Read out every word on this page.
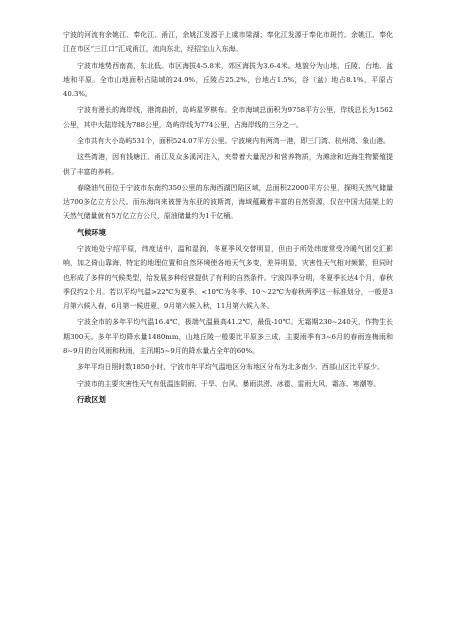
宁波的河流有余姚江、奉化江、甬江，余姚江发源于上虞市梁湖；奉化江发源于奉化市斑竹。余姚江、奉化江在市区“三江口”汇成甬江，流向东北，经招宝山入东海。

宁波市地势西南高，东北低。市区海拔4-5.8米，郊区海拔为3.6-4米。地貌分为山地、丘陵、台地、盆地和平原。全市山地面积占陆域的24.9%，丘陵占25.2%，台地占1.5%，谷（盆）地占8.1%，平原占40.3%。

宁波有漫长的海岸线，港湾曲折，岛屿星罗棋布。全市海域总面积为9758平方公里，岸线总长为1562公里，其中大陆岸线为788公里，岛屿岸线为774公里，占海岸线的三分之一。

全市共有大小岛屿531个，面积524.07平方公里。宁波境内有两湾一港，即三门湾、杭州湾、象山港。

这些湾港，因有钱塘江、甬江及众多溪河注入，夹带着大量泥沙和营养物质，为滩涂和近海生物繁殖提供了丰富的养料。

春晓油气田位于宁波市东南约350公里的东海西湖凹陷区域，总面积22000平方公里，探明天然气储量达700多亿立方公尺。而东海向来被誉为东亚的波斯湾，海域蕴藏着丰富的自然资源，仅在中国大陆架上的天然气储量就有5万亿立方公尺，原油储量约为1千亿桶。

气候环境

宁波地处宁绍平原，纬度适中，温和湿润，冬夏季风交替明显，但由于所处纬度常受冷暖气团交汇影响，加之倚山靠海，特定的地理位置和自然环境使各地天气多变，差异明显，灾害性天气相对频繁，但同时也形成了多样的气候类型，给发展多种经营提供了有利的自然条件。宁波四季分明，冬夏季长达4个月，春秋季仅约2个月。若以平均气温>22℃为夏季、<10℃为冬季、10～22℃为春秋两季这一标准划分，一般是3月第六候入春，6月第一候进夏，9月第六候入秋，11月第六候入冬。

宁波全市的多年平均气温16.4℃，极端气温最高41.2℃，最低-10℃。无霜期230~240天，作物生长期300天。多年平均降水量1480mm，山地丘陵一般要比平原多三成，主要雨季有3~6月的春雨连梅雨和8~9月的台风雨和秋雨，主汛期5~9月的降水量占全年的60%。

多年平均日照时数1850小时，宁波市年平均气温地区分布地区分布为北多南少、西部山区比平原少。

宁波市的主要灾害性天气有低温连阴雨、干旱、台风、暴雨洪涝、冰雹、雷雨大风、霜冻、寒潮等。

行政区划
